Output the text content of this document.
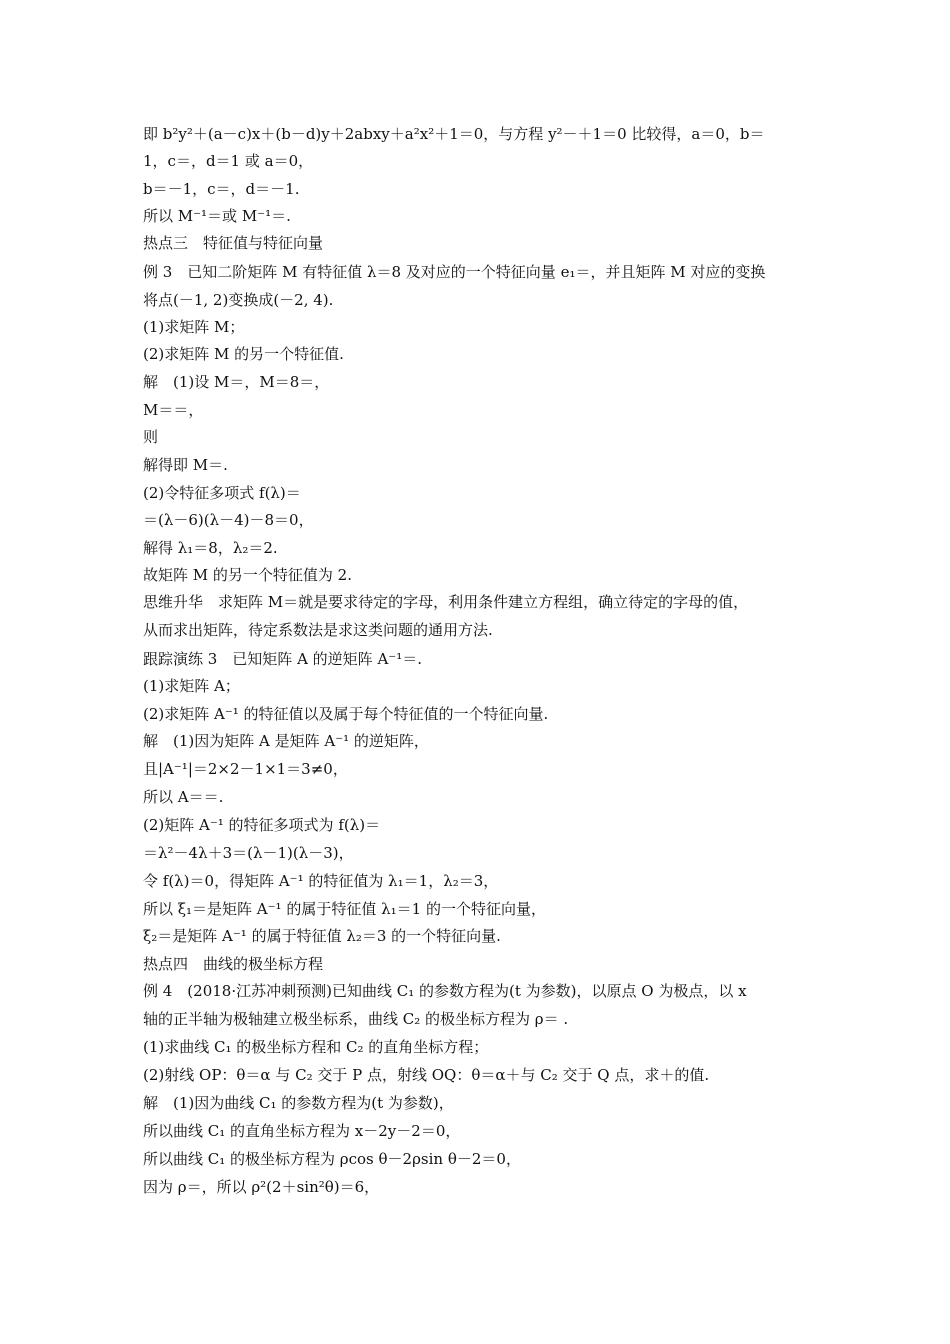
即 b²y²＋(a－c)x＋(b－d)y＋2abxy＋a²x²＋1＝0，与方程 y²－＋1＝0 比较得，a＝0，b＝
1，c＝，d＝1 或 a＝0，
b＝－1，c＝，d＝－1.
所以 M⁻¹＝或 M⁻¹＝.
热点三　特征值与特征向量
例 3　已知二阶矩阵 M 有特征值 λ＝8 及对应的一个特征向量 e₁＝，并且矩阵 M 对应的变换
将点(－1, 2)变换成(－2, 4).
(1)求矩阵 M；
(2)求矩阵 M 的另一个特征值.
解　(1)设 M＝，M＝8＝，
M＝＝，
则
解得即 M＝.
(2)令特征多项式 f(λ)＝
＝(λ－6)(λ－4)－8＝0，
解得 λ₁＝8，λ₂＝2.
故矩阵 M 的另一个特征值为 2.
思维升华　求矩阵 M＝就是要求待定的字母，利用条件建立方程组，确立待定的字母的值，
从而求出矩阵，待定系数法是求这类问题的通用方法.
跟踪演练 3　已知矩阵 A 的逆矩阵 A⁻¹＝.
(1)求矩阵 A；
(2)求矩阵 A⁻¹ 的特征值以及属于每个特征值的一个特征向量.
解　(1)因为矩阵 A 是矩阵 A⁻¹ 的逆矩阵，
且|A⁻¹|＝2×2－1×1＝3≠0，
所以 A＝＝.
(2)矩阵 A⁻¹ 的特征多项式为 f(λ)＝
＝λ²－4λ＋3＝(λ－1)(λ－3)，
令 f(λ)＝0，得矩阵 A⁻¹ 的特征值为 λ₁＝1，λ₂＝3，
所以 ξ₁＝是矩阵 A⁻¹ 的属于特征值 λ₁＝1 的一个特征向量，
ξ₂＝是矩阵 A⁻¹ 的属于特征值 λ₂＝3 的一个特征向量.
热点四　曲线的极坐标方程
例 4　(2018·江苏冲刺预测)已知曲线 C₁ 的参数方程为(t 为参数)，以原点 O 为极点，以 x
轴的正半轴为极轴建立极坐标系，曲线 C₂ 的极坐标方程为 ρ＝ .
(1)求曲线 C₁ 的极坐标方程和 C₂ 的直角坐标方程；
(2)射线 OP：θ＝α 与 C₂ 交于 P 点，射线 OQ：θ＝α＋与 C₂ 交于 Q 点，求＋的值.
解　(1)因为曲线 C₁ 的参数方程为(t 为参数)，
所以曲线 C₁ 的直角坐标方程为 x－2y－2＝0，
所以曲线 C₁ 的极坐标方程为 ρcos θ－2ρsin θ－2＝0，
因为 ρ＝，所以 ρ²(2＋sin²θ)＝6，
